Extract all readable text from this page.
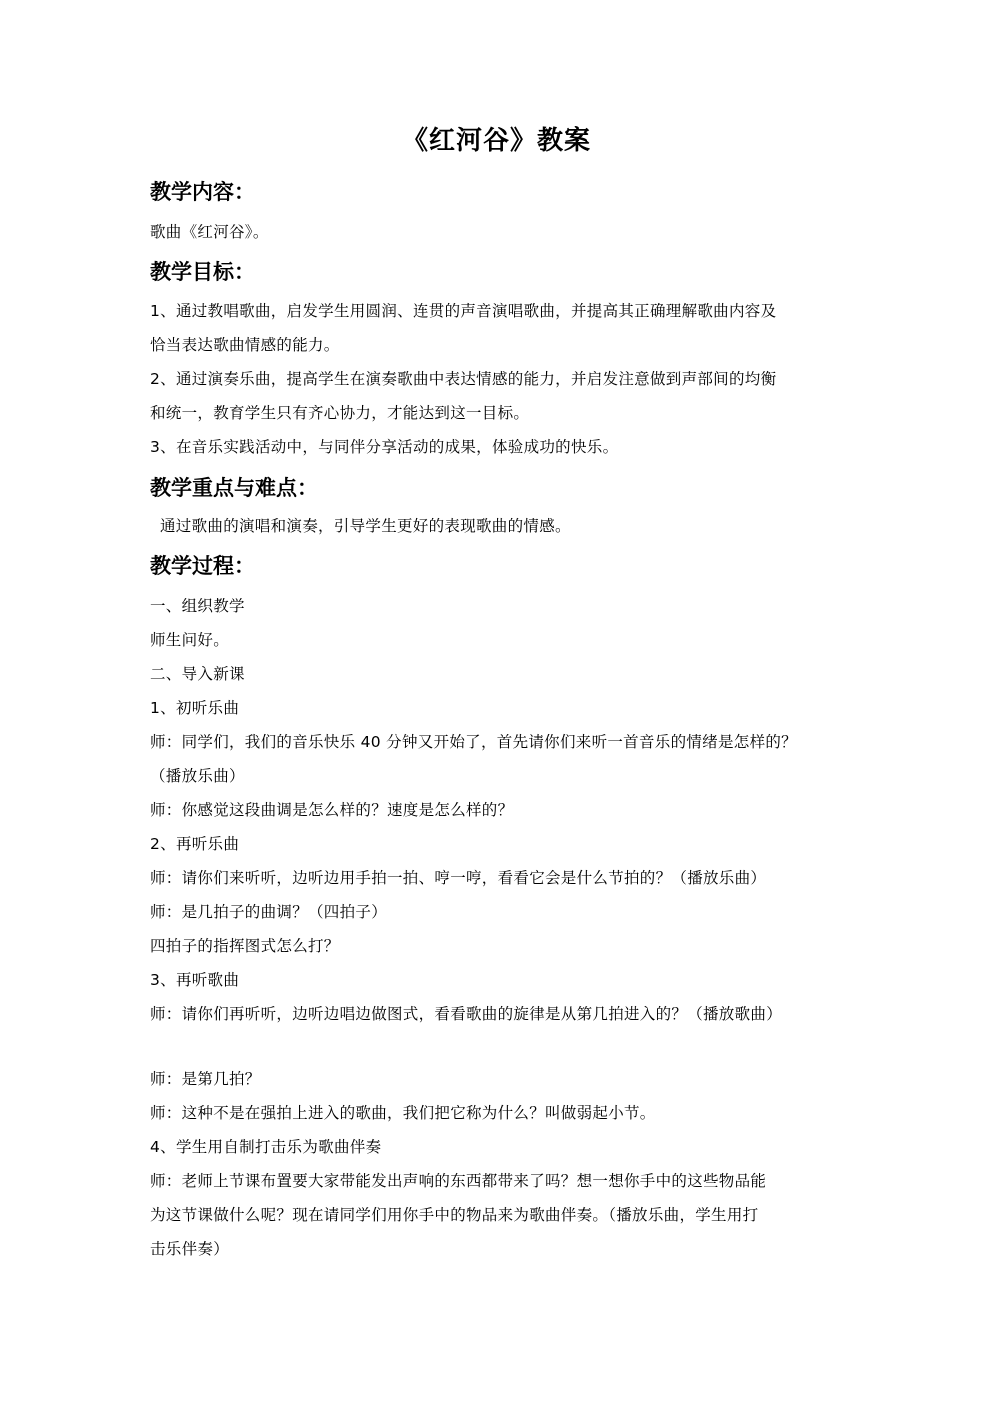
《红河谷》教案
教学内容：
歌曲《红河谷》。
教学目标：
1、通过教唱歌曲，启发学生用圆润、连贯的声音演唱歌曲，并提高其正确理解歌曲内容及
恰当表达歌曲情感的能力。
2、通过演奏乐曲，提高学生在演奏歌曲中表达情感的能力，并启发注意做到声部间的均衡
和统一，教育学生只有齐心协力，才能达到这一目标。
3、在音乐实践活动中，与同伴分享活动的成果，体验成功的快乐。
教学重点与难点：
通过歌曲的演唱和演奏，引导学生更好的表现歌曲的情感。
教学过程：
一、组织教学
师生问好。
二、导入新课
1、初听乐曲
师：同学们，我们的音乐快乐 40 分钟又开始了，首先请你们来听一首音乐的情绪是怎样的？
（播放乐曲）
师：你感觉这段曲调是怎么样的？速度是怎么样的？
2、再听乐曲
师：请你们来听听，边听边用手拍一拍、哼一哼，看看它会是什么节拍的？（播放乐曲）
师：是几拍子的曲调？（四拍子）
四拍子的指挥图式怎么打？
3、再听歌曲
师：请你们再听听，边听边唱边做图式，看看歌曲的旋律是从第几拍进入的？（播放歌曲）
师：是第几拍？
师：这种不是在强拍上进入的歌曲，我们把它称为什么？叫做弱起小节。
4、学生用自制打击乐为歌曲伴奏
师：老师上节课布置要大家带能发出声响的东西都带来了吗？想一想你手中的这些物品能
为这节课做什么呢？现在请同学们用你手中的物品来为歌曲伴奏。（播放乐曲，学生用打
击乐伴奏）
